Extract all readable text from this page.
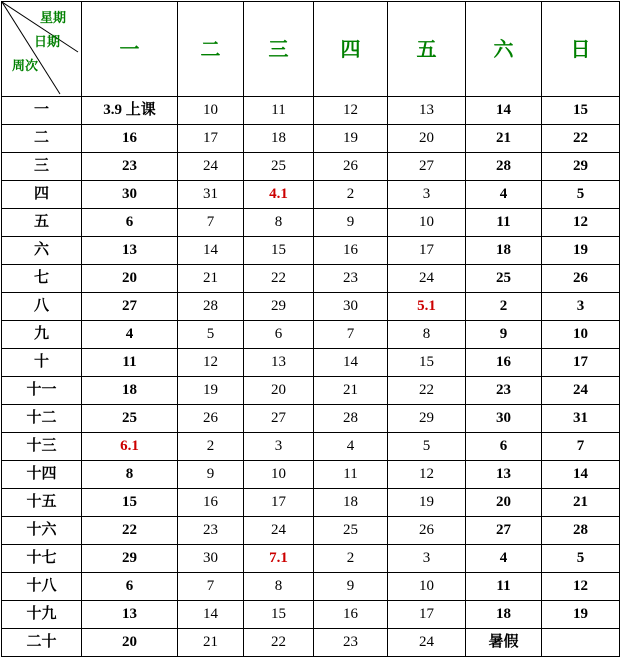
星期
日期
周次	一	二	三	四	五	六	日
一	3.9 上课	10	11	12	13	14	15
二	16	17	18	19	20	21	22
三	23	24	25	26	27	28	29
四	30	31	4.1	2	3	4	5
五	6	7	8	9	10	11	12
六	13	14	15	16	17	18	19
七	20	21	22	23	24	25	26
八	27	28	29	30	5.1	2	3
九	4	5	6	7	8	9	10
十	11	12	13	14	15	16	17
十一	18	19	20	21	22	23	24
十二	25	26	27	28	29	30	31
十三	6.1	2	3	4	5	6	7
十四	8	9	10	11	12	13	14
十五	15	16	17	18	19	20	21
十六	22	23	24	25	26	27	28
十七	29	30	7.1	2	3	4	5
十八	6	7	8	9	10	11	12
十九	13	14	15	16	17	18	19
二十	20	21	22	23	24	暑假	
